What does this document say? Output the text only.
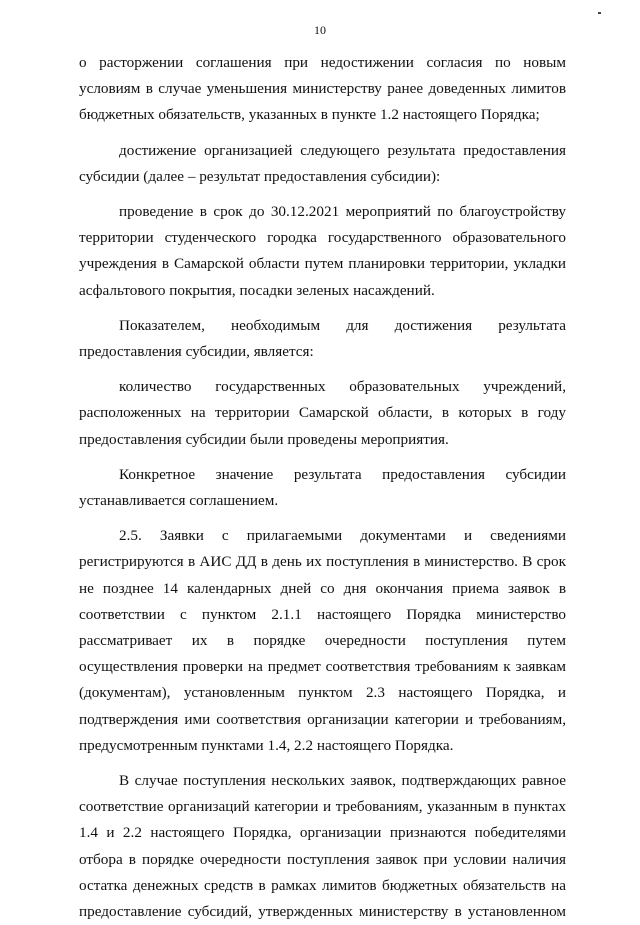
10

о расторжении соглашения при недостижении согласия по новым условиям в случае уменьшения министерству ранее доведенных лимитов бюджетных обязательств, указанных в пункте 1.2 настоящего Порядка;

достижение организацией следующего результата предоставления субсидии (далее – результат предоставления субсидии):

проведение в срок до 30.12.2021 мероприятий по благоустройству территории студенческого городка государственного образовательного учреждения в Самарской области путем планировки территории, укладки асфальтового покрытия, посадки зеленых насаждений.

Показателем, необходимым для достижения результата предоставления субсидии, является:

количество государственных образовательных учреждений, расположенных на территории Самарской области, в которых в году предоставления субсидии были проведены мероприятия.

Конкретное значение результата предоставления субсидии устанавливается соглашением.

2.5. Заявки с прилагаемыми документами и сведениями регистрируются в АИС ДД в день их поступления в министерство. В срок не позднее 14 календарных дней со дня окончания приема заявок в соответствии с пунктом 2.1.1 настоящего Порядка министерство рассматривает их в порядке очередности поступления путем осуществления проверки на предмет соответствия требованиям к заявкам (документам), установленным пунктом 2.3 настоящего Порядка, и подтверждения ими соответствия организации категории и требованиям, предусмотренным пунктами 1.4, 2.2 настоящего Порядка.

В случае поступления нескольких заявок, подтверждающих равное соответствие организаций категории и требованиям, указанным в пунктах 1.4 и 2.2 настоящего Порядка, организации признаются победителями отбора в порядке очередности поступления заявок при условии наличия остатка денежных средств в рамках лимитов бюджетных обязательств на предоставление субсидий, утвержденных министерству в установленном
